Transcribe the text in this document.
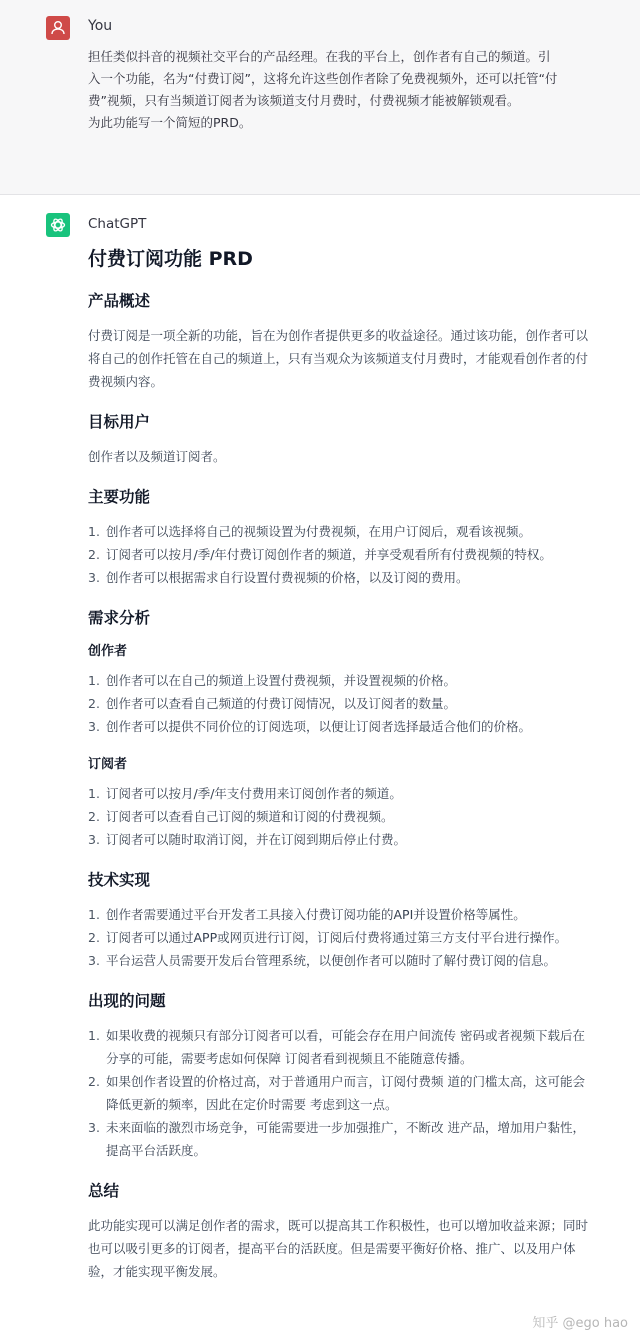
You

担任类似抖音的视频社交平台的产品经理。在我的平台上，创作者有自己的频道。引

入一个功能，名为“付费订阅”，这将允许这些创作者除了免费视频外，还可以托管“付

费”视频，只有当频道订阅者为该频道支付月费时，付费视频才能被解锁观看。

为此功能写一个简短的PRD。

ChatGPT
付费订阅功能 PRD
产品概述

付费订阅是一项全新的功能，旨在为创作者提供更多的收益途径。通过该功能，创作者可以将自己的创作托管在自己的频道上，只有当观众为该频道支付月费时，才能观看创作者的付费视频内容。

目标用户

创作者以及频道订阅者。

主要功能
1. 创作者可以选择将自己的视频设置为付费视频，在用户订阅后，观看该视频。
2. 订阅者可以按月/季/年付费订阅创作者的频道，并享受观看所有付费视频的特权。
3. 创作者可以根据需求自行设置付费视频的价格，以及订阅的费用。
需求分析
创作者
1. 创作者可以在自己的频道上设置付费视频，并设置视频的价格。
2. 创作者可以查看自己频道的付费订阅情况，以及订阅者的数量。
3. 创作者可以提供不同价位的订阅选项，以便让订阅者选择最适合他们的价格。
订阅者
1. 订阅者可以按月/季/年支付费用来订阅创作者的频道。
2. 订阅者可以查看自己订阅的频道和订阅的付费视频。
3. 订阅者可以随时取消订阅，并在订阅到期后停止付费。
技术实现
1. 创作者需要通过平台开发者工具接入付费订阅功能的API并设置价格等属性。
2. 订阅者可以通过APP或网页进行订阅，订阅后付费将通过第三方支付平台进行操作。
3. 平台运营人员需要开发后台管理系统，以便创作者可以随时了解付费订阅的信息。
出现的问题
1. 如果收费的视频只有部分订阅者可以看，可能会存在用户间流传 密码或者视频下载后在分享的可能，需要考虑如何保障 订阅者看到视频且不能随意传播。
2. 如果创作者设置的价格过高，对于普通用户而言，订阅付费频 道的门槛太高，这可能会降低更新的频率，因此在定价时需要 考虑到这一点。
3. 未来面临的激烈市场竞争，可能需要进一步加强推广，不断改 进产品，增加用户黏性，提高平台活跃度。
总结

此功能实现可以满足创作者的需求，既可以提高其工作积极性，也可以增加收益来源；同时也可以吸引更多的订阅者，提高平台的活跃度。但是需要平衡好价格、推广、以及用户体验，才能实现平衡发展。

知乎 @ego hao
